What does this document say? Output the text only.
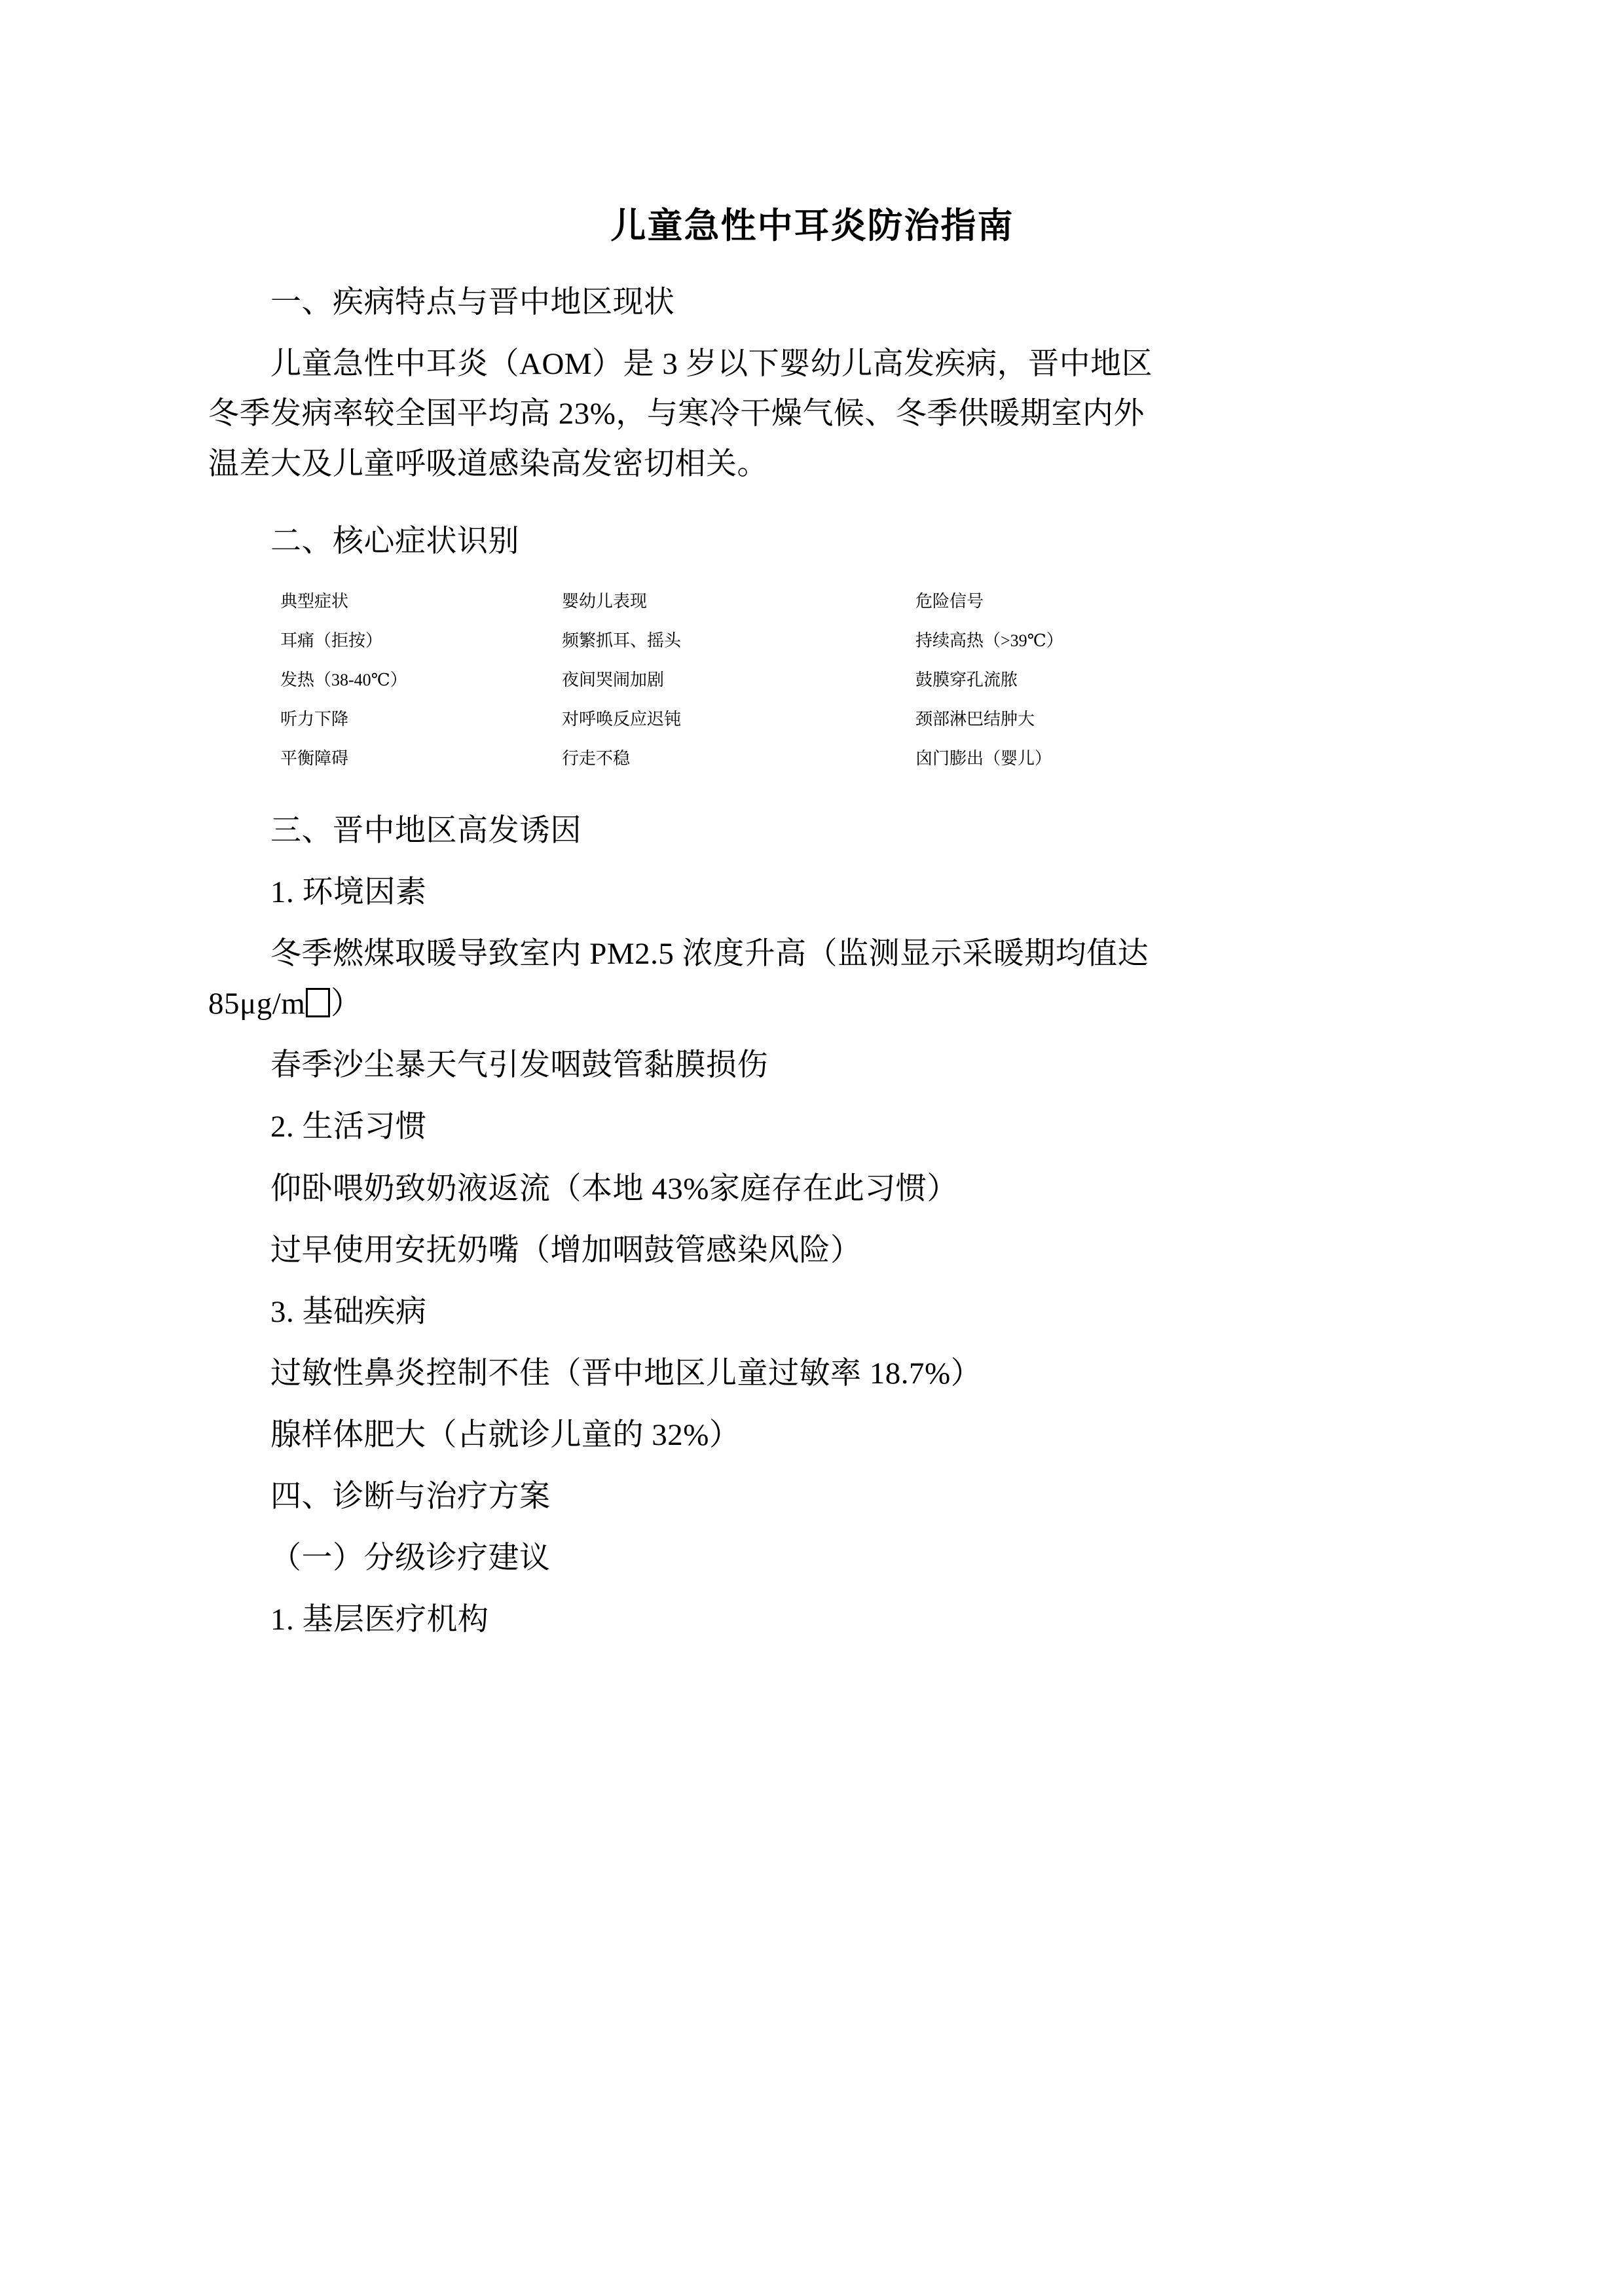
儿童急性中耳炎防治指南

一、疾病特点与晋中地区现状

儿童急性中耳炎（AOM）是 3 岁以下婴幼儿高发疾病，晋中地区

冬季发病率较全国平均高 23%，与寒冷干燥气候、冬季供暖期室内外

温差大及儿童呼吸道感染高发密切相关。

二、核心症状识别

典型症状	婴幼儿表现	危险信号
耳痛（拒按）	频繁抓耳、摇头	持续高热（>39℃）
发热（38-40℃）	夜间哭闹加剧	鼓膜穿孔流脓
听力下降	对呼唤反应迟钝	颈部淋巴结肿大
平衡障碍	行走不稳	囟门膨出（婴儿）

三、晋中地区高发诱因

1. 环境因素

冬季燃煤取暖导致室内 PM2.5 浓度升高（监测显示采暖期均值达

85μg/m ）

春季沙尘暴天气引发咽鼓管黏膜损伤

2. 生活习惯

仰卧喂奶致奶液返流（本地 43%家庭存在此习惯）

过早使用安抚奶嘴（增加咽鼓管感染风险）

3. 基础疾病

过敏性鼻炎控制不佳（晋中地区儿童过敏率 18.7%）

腺样体肥大（占就诊儿童的 32%）

四、诊断与治疗方案

（一）分级诊疗建议

1. 基层医疗机构
